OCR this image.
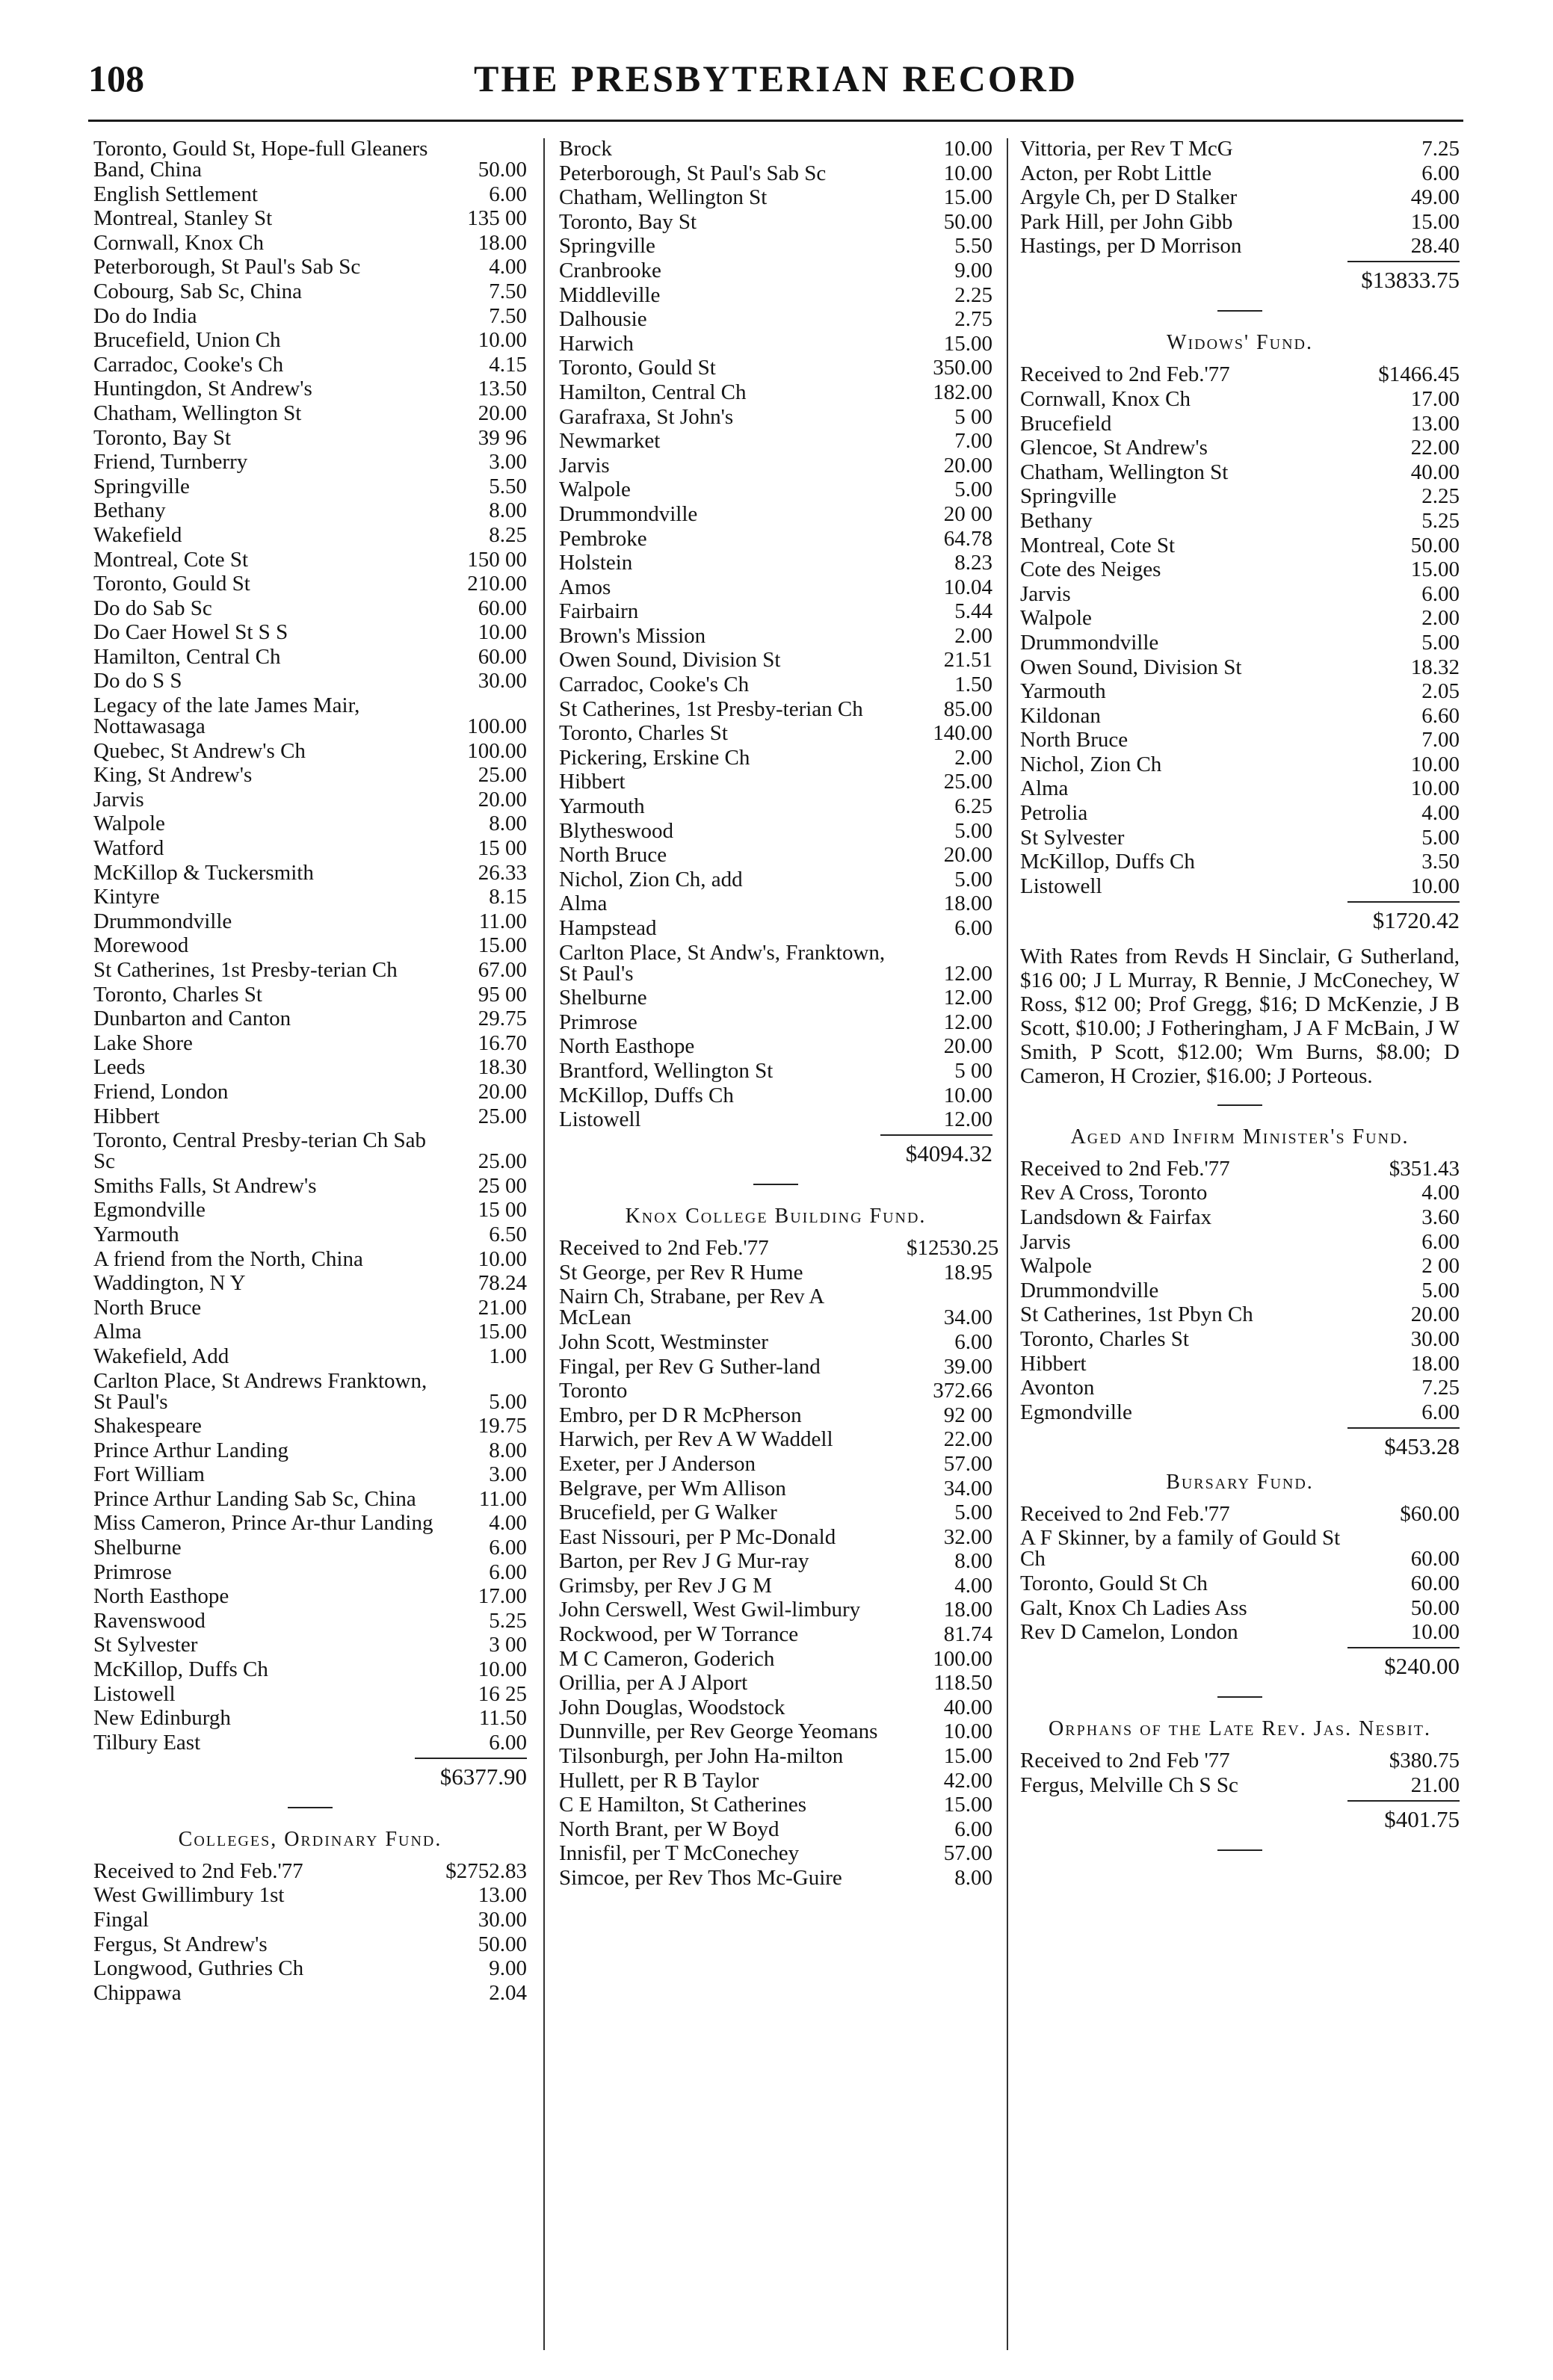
108	THE PRESBYTERIAN RECORD
Toronto, Gould St, Hope-full Gleaners Band, China	50.00
English Settlement	6.00
Montreal, Stanley St	135 00
Cornwall, Knox Ch	18.00
Peterborough, St Paul's Sab Sc	4.00
Cobourg, Sab Sc, China	7.50
Do do India	7.50
Brucefield, Union Ch	10.00
Carradoc, Cooke's Ch	4.15
Huntingdon, St Andrew's	13.50
Chatham, Wellington St	20.00
Toronto, Bay St	39 96
Friend, Turnberry	3.00
Springville	5.50
Bethany	8.00
Wakefield	8.25
Montreal, Cote St	150 00
Toronto, Gould St	210.00
Do do Sab Sc	60.00
Do Caer Howel St S S	10.00
Hamilton, Central Ch	60.00
Do do S S	30.00
Legacy of the late James Mair, Nottawasaga	100.00
Quebec, St Andrew's Ch	100.00
King, St Andrew's	25.00
Jarvis	20.00
Walpole	8.00
Watford	15 00
McKillop & Tuckersmith	26.33
Kintyre	8.15
Drummondville	11.00
Morewood	15.00
St Catherines, 1st Presby-terian Ch	67.00
Toronto, Charles St	95 00
Dunbarton and Canton	29.75
Lake Shore	16.70
Leeds	18.30
Friend, London	20.00
Hibbert	25.00
Toronto, Central Presby-terian Ch Sab Sc	25.00
Smiths Falls, St Andrew's	25 00
Egmondville	15 00
Yarmouth	6.50
A friend from the North, China	10.00
Waddington, N Y	78.24
North Bruce	21.00
Alma	15.00
Wakefield, Add	1.00
Carlton Place, St Andrews Franktown, St Paul's	5.00
Shakespeare	19.75
Prince Arthur Landing	8.00
Fort William	3.00
Prince Arthur Landing Sab Sc, China	11.00
Miss Cameron, Prince Ar-thur Landing	4.00
Shelburne	6.00
Primrose	6.00
North Easthope	17.00
Ravenswood	5.25
St Sylvester	3 00
McKillop, Duffs Ch	10.00
Listowell	16 25
New Edinburgh	11.50
Tilbury East	6.00
$6377.90
Colleges, Ordinary Fund.
Received to 2nd Feb.'77	$2752.83
West Gwillimbury 1st	13.00
Fingal	30.00
Fergus, St Andrew's	50.00
Longwood, Guthries Ch	9.00
Chippawa	2.04
Brock	10.00
Peterborough, St Paul's Sab Sc	10.00
Chatham, Wellington St	15.00
Toronto, Bay St	50.00
Springville	5.50
Cranbrooke	9.00
Middleville	2.25
Dalhousie	2.75
Harwich	15.00
Toronto, Gould St	350.00
Hamilton, Central Ch	182.00
Garafraxa, St John's	5 00
Newmarket	7.00
Jarvis	20.00
Walpole	5.00
Drummondville	20 00
Pembroke	64.78
Holstein	8.23
Amos	10.04
Fairbairn	5.44
Brown's Mission	2.00
Owen Sound, Division St	21.51
Carradoc, Cooke's Ch	1.50
St Catherines, 1st Presby-terian Ch	85.00
Toronto, Charles St	140.00
Pickering, Erskine Ch	2.00
Hibbert	25.00
Yarmouth	6.25
Blytheswood	5.00
North Bruce	20.00
Nichol, Zion Ch, add	5.00
Alma	18.00
Hampstead	6.00
Carlton Place, St Andw's, Franktown, St Paul's	12.00
Shelburne	12.00
Primrose	12.00
North Easthope	20.00
Brantford, Wellington St	5 00
McKillop, Duffs Ch	10.00
Listowell	12.00
$4094.32
Knox College Building Fund.
Received to 2nd Feb.'77	$12530.25
St George, per Rev R Hume	18.95
Nairn Ch, Strabane, per Rev A McLean	34.00
John Scott, Westminster	6.00
Fingal, per Rev G Suther-land	39.00
Toronto	372.66
Embro, per D R McPherson	92 00
Harwich, per Rev A W Waddell	22.00
Exeter, per J Anderson	57.00
Belgrave, per Wm Allison	34.00
Brucefield, per G Walker	5.00
East Nissouri, per P Mc-Donald	32.00
Barton, per Rev J G Mur-ray	8.00
Grimsby, per Rev J G M	4.00
John Cerswell, West Gwil-limbury	18.00
Rockwood, per W Torrance	81.74
M C Cameron, Goderich	100.00
Orillia, per A J Alport	118.50
John Douglas, Woodstock	40.00
Dunnville, per Rev George Yeomans	10.00
Tilsonburgh, per John Ha-milton	15.00
Hullett, per R B Taylor	42.00
C E Hamilton, St Catherines	15.00
North Brant, per W Boyd	6.00
Innisfil, per T McConechey	57.00
Simcoe, per Rev Thos Mc-Guire	8.00
Vittoria, per Rev T McG	7.25
Acton, per Robt Little	6.00
Argyle Ch, per D Stalker	49.00
Park Hill, per John Gibb	15.00
Hastings, per D Morrison	28.40
$13833.75
Widows' Fund.
Received to 2nd Feb.'77	$1466.45
Cornwall, Knox Ch	17.00
Brucefield	13.00
Glencoe, St Andrew's	22.00
Chatham, Wellington St	40.00
Springville	2.25
Bethany	5.25
Montreal, Cote St	50.00
Cote des Neiges	15.00
Jarvis	6.00
Walpole	2.00
Drummondville	5.00
Owen Sound, Division St	18.32
Yarmouth	2.05
Kildonan	6.60
North Bruce	7.00
Nichol, Zion Ch	10.00
Alma	10.00
Petrolia	4.00
St Sylvester	5.00
McKillop, Duffs Ch	3.50
Listowell	10.00
$1720.42
With Rates from Revds H Sinclair, G Sutherland, $16 00; J L Murray, R Bennie, J McConechey, W Ross, $12 00; Prof Gregg, $16; D McKenzie, J B Scott, $10.00; J Fotheringham, J A F McBain, J W Smith, P Scott, $12.00; Wm Burns, $8.00; D Cameron, H Crozier, $16.00; J Porteous.
Aged and Infirm Minister's Fund.
Received to 2nd Feb.'77	$351.43
Rev A Cross, Toronto	4.00
Landsdown & Fairfax	3.60
Jarvis	6.00
Walpole	2 00
Drummondville	5.00
St Catherines, 1st Pbyn Ch	20.00
Toronto, Charles St	30.00
Hibbert	18.00
Avonton	7.25
Egmondville	6.00
$453.28
Bursary Fund.
Received to 2nd Feb.'77	$60.00
A F Skinner, by a family of Gould St Ch	60.00
Toronto, Gould St Ch	60.00
Galt, Knox Ch Ladies Ass	50.00
Rev D Camelon, London	10.00
$240.00
Orphans of the Late Rev. Jas. Nesbit.
Received to 2nd Feb '77	$380.75
Fergus, Melville Ch S Sc	21.00
$401.75
